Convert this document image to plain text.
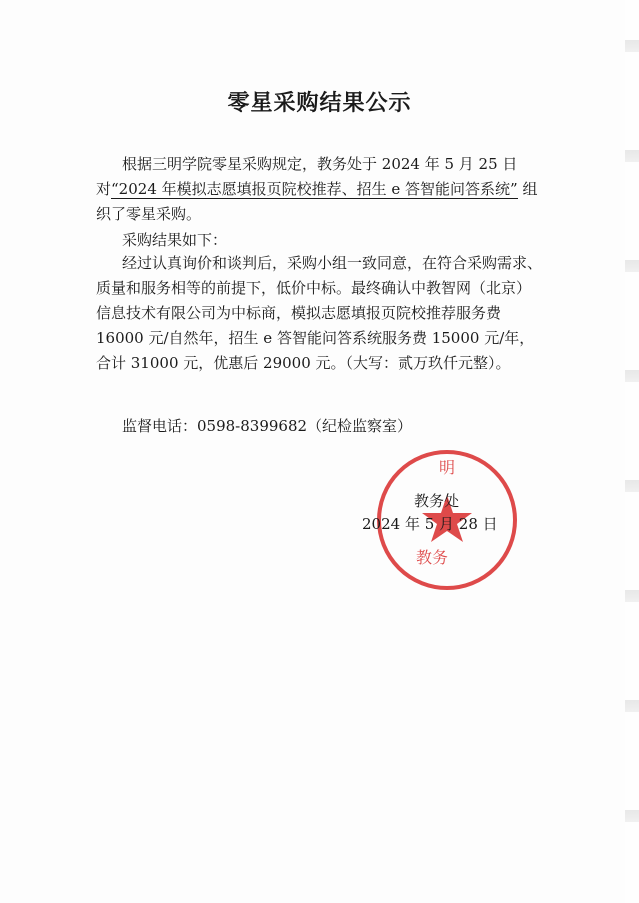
零星采购结果公示
根据三明学院零星采购规定，教务处于 2024 年 5 月 25 日对“2024 年模拟志愿填报页院校推荐、招生 e 答智能问答系统” 组织了零星采购。
采购结果如下：
经过认真询价和谈判后，采购小组一致同意，在符合采购需求、质量和服务相等的前提下，低价中标。最终确认中教智网（北京）信息技术有限公司为中标商，模拟志愿填报页院校推荐服务费 16000 元/自然年，招生 e 答智能问答系统服务费 15000 元/年，合计 31000 元，优惠后 29000 元。（大写：贰万玖仟元整）。
监督电话：0598-8399682（纪检监察室）
明
教务
教务处
2024 年 5 月 28 日
